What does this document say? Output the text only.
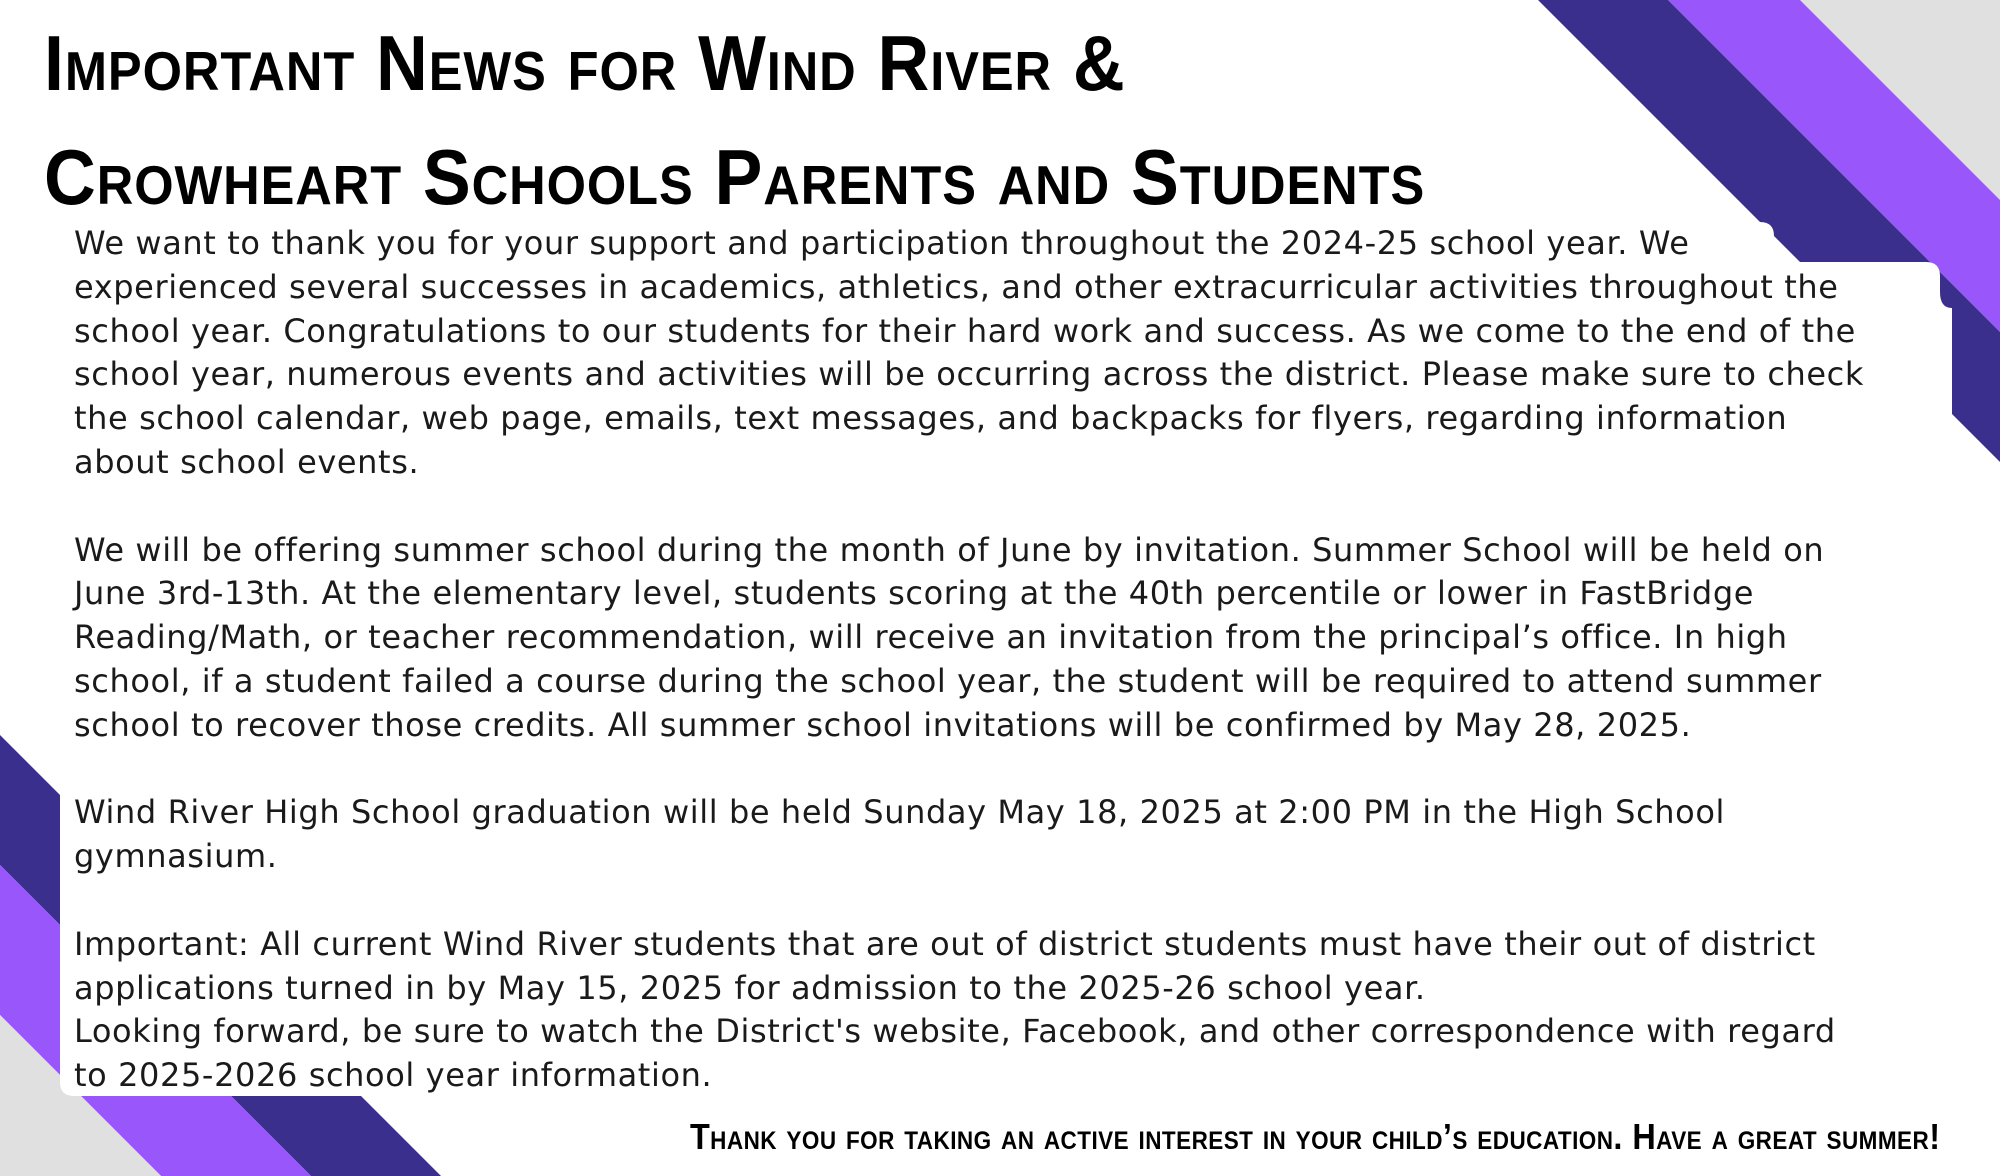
Important News for Wind River &
Crowheart Schools Parents and Students

We want to thank you for your support and participation throughout the 2024-25 school year. We
experienced several successes in academics, athletics, and other extracurricular activities throughout the
school year. Congratulations to our students for their hard work and success. As we come to the end of the
school year, numerous events and activities will be occurring across the district. Please make sure to check
the school calendar, web page, emails, text messages, and backpacks for flyers, regarding information
about school events.

We will be offering summer school during the month of June by invitation. Summer School will be held on
June 3rd-13th. At the elementary level, students scoring at the 40th percentile or lower in FastBridge
Reading/Math, or teacher recommendation, will receive an invitation from the principal’s office. In high
school, if a student failed a course during the school year, the student will be required to attend summer
school to recover those credits. All summer school invitations will be confirmed by May 28, 2025.

Wind River High School graduation will be held Sunday May 18, 2025 at 2:00 PM in the High School
gymnasium.

Important: All current Wind River students that are out of district students must have their out of district
applications turned in by May 15, 2025 for admission to the 2025-26 school year.
Looking forward, be sure to watch the District's website, Facebook, and other correspondence with regard
to 2025-2026 school year information.

Thank you for taking an active interest in your child’s education. Have a great summer!
